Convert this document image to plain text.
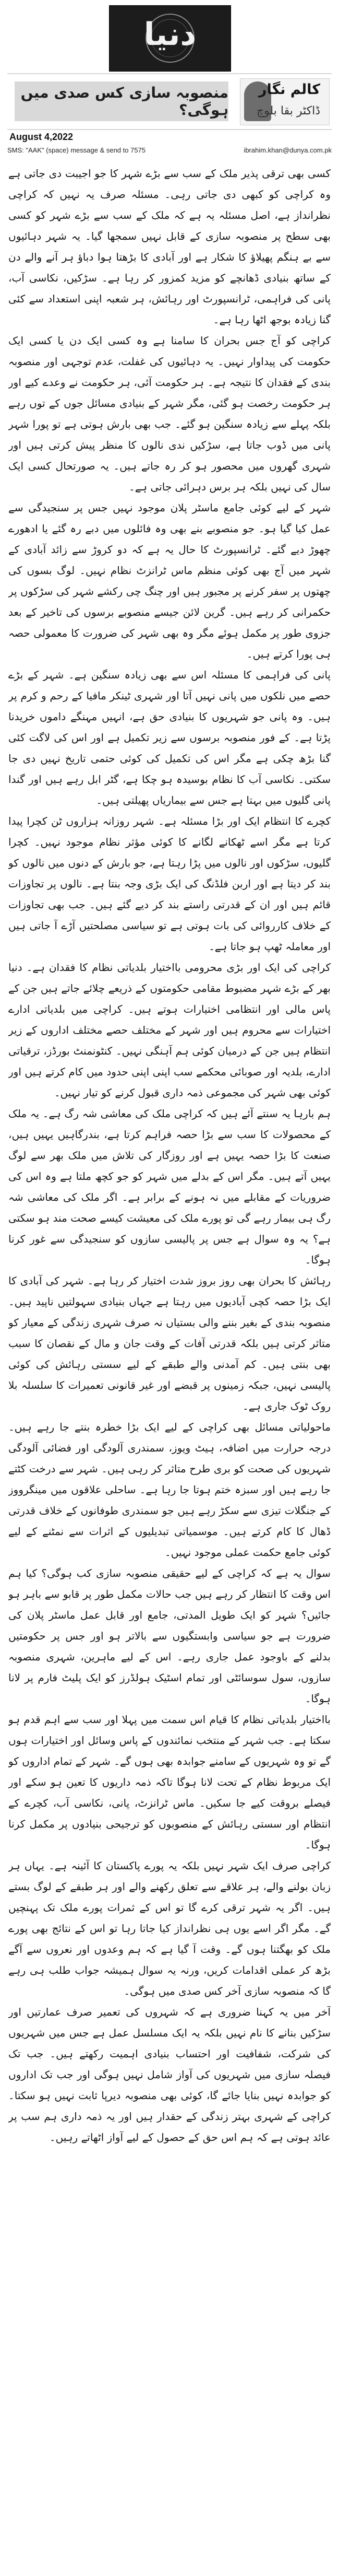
دنیا
کالم نگار
ڈاکٹر بقا بلوچ
منصوبہ سازی کس صدی میں ہوگی؟
August 4,2022
SMS: "AAK" (space) message & send to 7575	ibrahim.khan@dunya.com.pk

کسی بھی ترقی پذیر ملک کے سب سے بڑے شہر کا جو اجیبت دی جاتی ہے وہ کراچی کو کبھی دی جاتی رہی۔ مسئلہ صرف یہ نہیں کہ کراچی نظرانداز ہے، اصل مسئلہ یہ ہے کہ ملک کے سب سے بڑے شہر کو کسی بھی سطح پر منصوبہ سازی کے قابل نہیں سمجھا گیا۔ یہ شہر دہائیوں سے بے ہنگم پھیلاؤ کا شکار ہے اور آبادی کا بڑھتا ہوا دباؤ ہر آنے والے دن کے ساتھ بنیادی ڈھانچے کو مزید کمزور کر رہا ہے۔ سڑکیں، نکاسی آب، پانی کی فراہمی، ٹرانسپورٹ اور رہائش، ہر شعبہ اپنی استعداد سے کئی گنا زیادہ بوجھ اٹھا رہا ہے۔

کراچی کو آج جس بحران کا سامنا ہے وہ کسی ایک دن یا کسی ایک حکومت کی پیداوار نہیں۔ یہ دہائیوں کی غفلت، عدم توجہی اور منصوبہ بندی کے فقدان کا نتیجہ ہے۔ ہر حکومت آئی، ہر حکومت نے وعدے کیے اور ہر حکومت رخصت ہو گئی، مگر شہر کے بنیادی مسائل جوں کے توں رہے بلکہ پہلے سے زیادہ سنگین ہو گئے۔ جب بھی بارش ہوتی ہے تو پورا شہر پانی میں ڈوب جاتا ہے، سڑکیں ندی نالوں کا منظر پیش کرتی ہیں اور شہری گھروں میں محصور ہو کر رہ جاتے ہیں۔ یہ صورتحال کسی ایک سال کی نہیں بلکہ ہر برس دہرائی جاتی ہے۔

شہر کے لیے کوئی جامع ماسٹر پلان موجود نہیں جس پر سنجیدگی سے عمل کیا گیا ہو۔ جو منصوبے بنے بھی وہ فائلوں میں دبے رہ گئے یا ادھورے چھوڑ دیے گئے۔ ٹرانسپورٹ کا حال یہ ہے کہ دو کروڑ سے زائد آبادی کے شہر میں آج بھی کوئی منظم ماس ٹرانزٹ نظام نہیں۔ لوگ بسوں کی چھتوں پر سفر کرنے پر مجبور ہیں اور چنگ چی رکشے شہر کی سڑکوں پر حکمرانی کر رہے ہیں۔ گرین لائن جیسے منصوبے برسوں کی تاخیر کے بعد جزوی طور پر مکمل ہوئے مگر وہ بھی شہر کی ضرورت کا معمولی حصہ ہی پورا کرتے ہیں۔

پانی کی فراہمی کا مسئلہ اس سے بھی زیادہ سنگین ہے۔ شہر کے بڑے حصے میں نلکوں میں پانی نہیں آتا اور شہری ٹینکر مافیا کے رحم و کرم پر ہیں۔ وہ پانی جو شہریوں کا بنیادی حق ہے، انہیں مہنگے داموں خریدنا پڑتا ہے۔ کے فور منصوبہ برسوں سے زیر تکمیل ہے اور اس کی لاگت کئی گنا بڑھ چکی ہے مگر اس کی تکمیل کی کوئی حتمی تاریخ نہیں دی جا سکتی۔ نکاسی آب کا نظام بوسیدہ ہو چکا ہے، گٹر ابل رہے ہیں اور گندا پانی گلیوں میں بہتا ہے جس سے بیماریاں پھیلتی ہیں۔

کچرے کا انتظام ایک اور بڑا مسئلہ ہے۔ شہر روزانہ ہزاروں ٹن کچرا پیدا کرتا ہے مگر اسے ٹھکانے لگانے کا کوئی مؤثر نظام موجود نہیں۔ کچرا گلیوں، سڑکوں اور نالوں میں پڑا رہتا ہے، جو بارش کے دنوں میں نالوں کو بند کر دیتا ہے اور اربن فلڈنگ کی ایک بڑی وجہ بنتا ہے۔ نالوں پر تجاوزات قائم ہیں اور ان کے قدرتی راستے بند کر دیے گئے ہیں۔ جب بھی تجاوزات کے خلاف کارروائی کی بات ہوتی ہے تو سیاسی مصلحتیں آڑے آ جاتی ہیں اور معاملہ ٹھپ ہو جاتا ہے۔

کراچی کی ایک اور بڑی محرومی بااختیار بلدیاتی نظام کا فقدان ہے۔ دنیا بھر کے بڑے شہر مضبوط مقامی حکومتوں کے ذریعے چلائے جاتے ہیں جن کے پاس مالی اور انتظامی اختیارات ہوتے ہیں۔ کراچی میں بلدیاتی ادارے اختیارات سے محروم ہیں اور شہر کے مختلف حصے مختلف اداروں کے زیر انتظام ہیں جن کے درمیان کوئی ہم آہنگی نہیں۔ کنٹونمنٹ بورڈز، ترقیاتی ادارے، بلدیہ اور صوبائی محکمے سب اپنی اپنی حدود میں کام کرتے ہیں اور کوئی بھی شہر کی مجموعی ذمہ داری قبول کرنے کو تیار نہیں۔

ہم بارہا یہ سنتے آئے ہیں کہ کراچی ملک کی معاشی شہ رگ ہے۔ یہ ملک کے محصولات کا سب سے بڑا حصہ فراہم کرتا ہے، بندرگاہیں یہیں ہیں، صنعت کا بڑا حصہ یہیں ہے اور روزگار کی تلاش میں ملک بھر سے لوگ یہیں آتے ہیں۔ مگر اس کے بدلے میں شہر کو جو کچھ ملتا ہے وہ اس کی ضروریات کے مقابلے میں نہ ہونے کے برابر ہے۔ اگر ملک کی معاشی شہ رگ ہی بیمار رہے گی تو پورے ملک کی معیشت کیسے صحت مند ہو سکتی ہے؟ یہ وہ سوال ہے جس پر پالیسی سازوں کو سنجیدگی سے غور کرنا ہوگا۔

رہائش کا بحران بھی روز بروز شدت اختیار کر رہا ہے۔ شہر کی آبادی کا ایک بڑا حصہ کچی آبادیوں میں رہتا ہے جہاں بنیادی سہولتیں ناپید ہیں۔ منصوبہ بندی کے بغیر بننے والی بستیاں نہ صرف شہری زندگی کے معیار کو متاثر کرتی ہیں بلکہ قدرتی آفات کے وقت جان و مال کے نقصان کا سبب بھی بنتی ہیں۔ کم آمدنی والے طبقے کے لیے سستی رہائش کی کوئی پالیسی نہیں، جبکہ زمینوں پر قبضے اور غیر قانونی تعمیرات کا سلسلہ بلا روک ٹوک جاری ہے۔

ماحولیاتی مسائل بھی کراچی کے لیے ایک بڑا خطرہ بنتے جا رہے ہیں۔ درجہ حرارت میں اضافہ، ہیٹ ویوز، سمندری آلودگی اور فضائی آلودگی شہریوں کی صحت کو بری طرح متاثر کر رہی ہیں۔ شہر سے درخت کٹتے جا رہے ہیں اور سبزہ ختم ہوتا جا رہا ہے۔ ساحلی علاقوں میں مینگرووز کے جنگلات تیزی سے سکڑ رہے ہیں جو سمندری طوفانوں کے خلاف قدرتی ڈھال کا کام کرتے ہیں۔ موسمیاتی تبدیلیوں کے اثرات سے نمٹنے کے لیے کوئی جامع حکمت عملی موجود نہیں۔

سوال یہ ہے کہ کراچی کے لیے حقیقی منصوبہ سازی کب ہوگی؟ کیا ہم اس وقت کا انتظار کر رہے ہیں جب حالات مکمل طور پر قابو سے باہر ہو جائیں؟ شہر کو ایک طویل المدتی، جامع اور قابل عمل ماسٹر پلان کی ضرورت ہے جو سیاسی وابستگیوں سے بالاتر ہو اور جس پر حکومتیں بدلنے کے باوجود عمل جاری رہے۔ اس کے لیے ماہرین، شہری منصوبہ سازوں، سول سوسائٹی اور تمام اسٹیک ہولڈرز کو ایک پلیٹ فارم پر لانا ہوگا۔

بااختیار بلدیاتی نظام کا قیام اس سمت میں پہلا اور سب سے اہم قدم ہو سکتا ہے۔ جب شہر کے منتخب نمائندوں کے پاس وسائل اور اختیارات ہوں گے تو وہ شہریوں کے سامنے جوابدہ بھی ہوں گے۔ شہر کے تمام اداروں کو ایک مربوط نظام کے تحت لانا ہوگا تاکہ ذمہ داریوں کا تعین ہو سکے اور فیصلے بروقت کیے جا سکیں۔ ماس ٹرانزٹ، پانی، نکاسی آب، کچرے کے انتظام اور سستی رہائش کے منصوبوں کو ترجیحی بنیادوں پر مکمل کرنا ہوگا۔

کراچی صرف ایک شہر نہیں بلکہ یہ پورے پاکستان کا آئینہ ہے۔ یہاں ہر زبان بولنے والے، ہر علاقے سے تعلق رکھنے والے اور ہر طبقے کے لوگ بستے ہیں۔ اگر یہ شہر ترقی کرے گا تو اس کے ثمرات پورے ملک تک پہنچیں گے۔ مگر اگر اسے یوں ہی نظرانداز کیا جاتا رہا تو اس کے نتائج بھی پورے ملک کو بھگتنا ہوں گے۔ وقت آ گیا ہے کہ ہم وعدوں اور نعروں سے آگے بڑھ کر عملی اقدامات کریں، ورنہ یہ سوال ہمیشہ جواب طلب ہی رہے گا کہ منصوبہ سازی آخر کس صدی میں ہوگی۔

آخر میں یہ کہنا ضروری ہے کہ شہروں کی تعمیر صرف عمارتیں اور سڑکیں بنانے کا نام نہیں بلکہ یہ ایک مسلسل عمل ہے جس میں شہریوں کی شرکت، شفافیت اور احتساب بنیادی اہمیت رکھتے ہیں۔ جب تک فیصلہ سازی میں شہریوں کی آواز شامل نہیں ہوگی اور جب تک اداروں کو جوابدہ نہیں بنایا جائے گا، کوئی بھی منصوبہ دیرپا ثابت نہیں ہو سکتا۔ کراچی کے شہری بہتر زندگی کے حقدار ہیں اور یہ ذمہ داری ہم سب پر عائد ہوتی ہے کہ ہم اس حق کے حصول کے لیے آواز اٹھاتے رہیں۔
